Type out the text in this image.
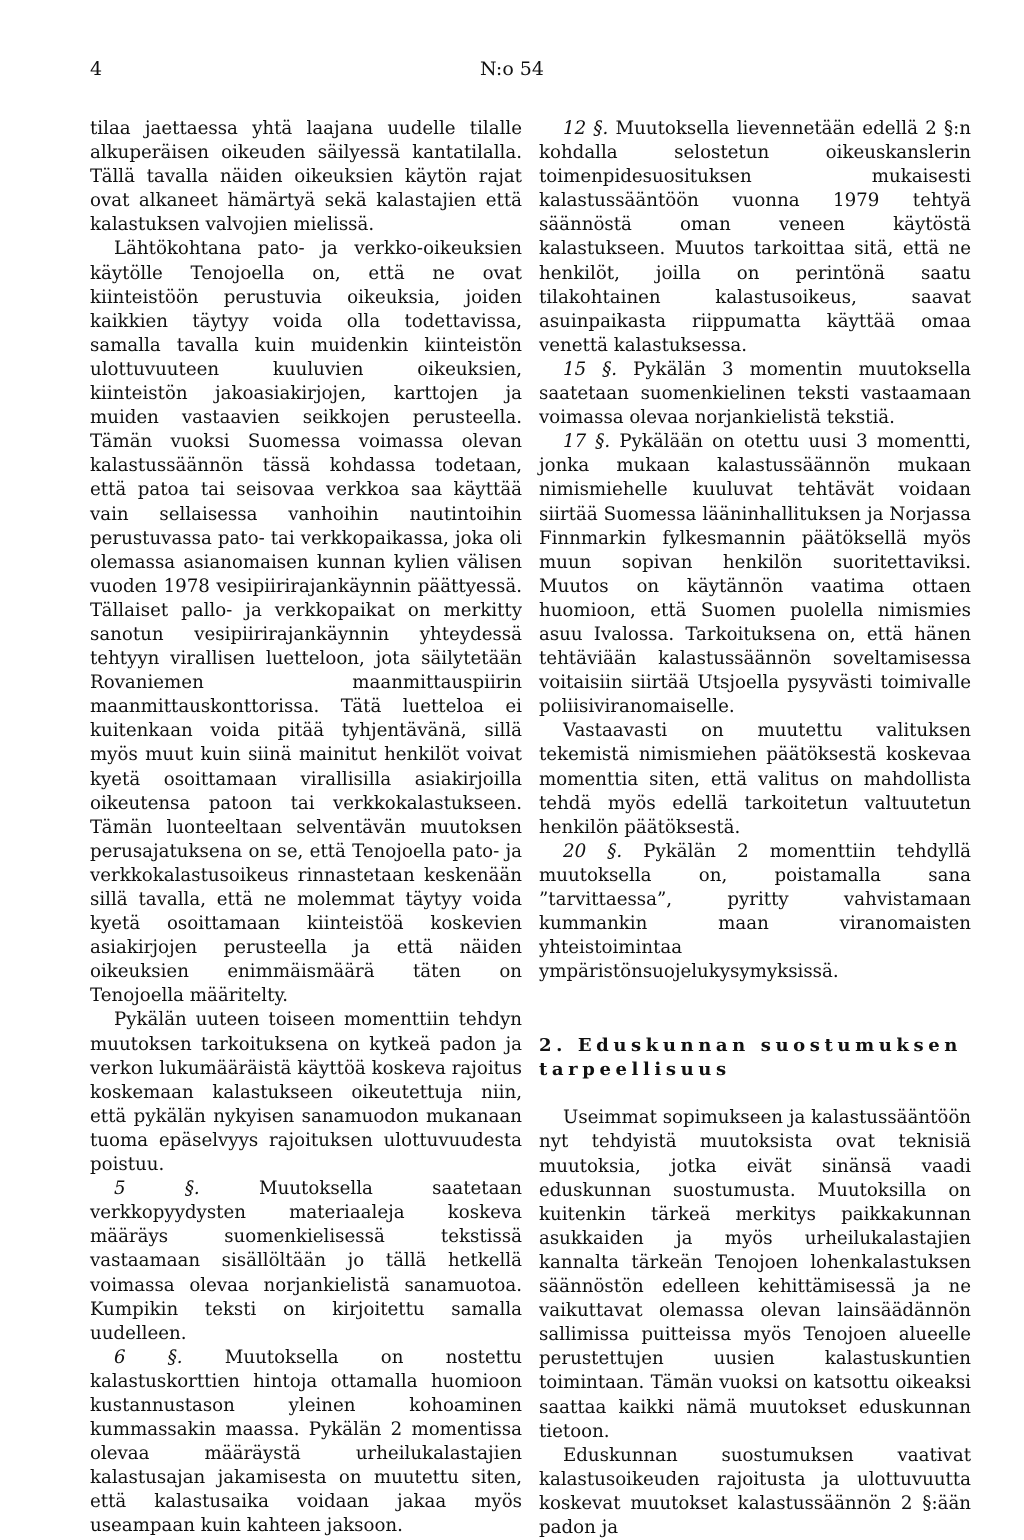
4	N:o 54

tilaa jaettaessa yhtä laajana uudelle tilalle alkuperäisen oikeuden säilyessä kantatilalla. Tällä tavalla näiden oikeuksien käytön rajat ovat alkaneet hämärtyä sekä kalastajien että kalastuksen valvojien mielissä.

Lähtökohtana pato- ja verkko-oikeuksien käytölle Tenojoella on, että ne ovat kiinteistöön perustuvia oikeuksia, joiden kaikkien täytyy voida olla todettavissa, samalla tavalla kuin muidenkin kiinteistön ulottuvuuteen kuuluvien oikeuksien, kiinteistön jakoasiakirjojen, karttojen ja muiden vastaavien seikkojen perusteella. Tämän vuoksi Suomessa voimassa olevan kalastussäännön tässä kohdassa todetaan, että patoa tai seisovaa verkkoa saa käyttää vain sellaisessa vanhoihin nautintoihin perustuvassa pato- tai verkkopaikassa, joka oli olemassa asianomaisen kunnan kylien välisen vuoden 1978 vesipiirirajankäynnin päättyessä. Tällaiset pallo- ja verkkopaikat on merkitty sanotun vesipiirirajankäynnin yhteydessä tehtyyn virallisen luetteloon, jota säilytetään Rovaniemen maanmittauspiirin maanmittauskonttorissa. Tätä luetteloa ei kuitenkaan voida pitää tyhjentävänä, sillä myös muut kuin siinä mainitut henkilöt voivat kyetä osoittamaan virallisilla asiakirjoilla oikeutensa patoon tai verkkokalastukseen. Tämän luonteeltaan selventävän muutoksen perusajatuksena on se, että Tenojoella pato- ja verkkokalastusoikeus rinnastetaan keskenään sillä tavalla, että ne molemmat täytyy voida kyetä osoittamaan kiinteistöä koskevien asiakirjojen perusteella ja että näiden oikeuksien enimmäismäärä täten on Tenojoella määritelty.

Pykälän uuteen toiseen momenttiin tehdyn muutoksen tarkoituksena on kytkeä padon ja verkon lukumääräistä käyttöä koskeva rajoitus koskemaan kalastukseen oikeutettuja niin, että pykälän nykyisen sanamuodon mukanaan tuoma epäselvyys rajoituksen ulottuvuudesta poistuu.

5 §.	Muutoksella saatetaan verkkopyydysten materiaaleja koskeva määräys suomenkielisessä tekstissä vastaamaan sisällöltään jo tällä hetkellä voimassa olevaa norjankielistä sanamuotoa. Kumpikin teksti on kirjoitettu samalla uudelleen.

6 §. Muutoksella on nostettu kalastuskorttien hintoja ottamalla huomioon kustannustason yleinen kohoaminen kummassakin maassa. Pykälän 2 momentissa olevaa määräystä urheilukalastajien kalastusajan jakamisesta on muutettu siten, että kalastusaika voidaan jakaa myös useampaan kuin kahteen jaksoon.

12 §. Muutoksella lievennetään edellä 2 §:n kohdalla selostetun oikeuskanslerin toimenpidesuosituksen mukaisesti kalastussääntöön vuonna 1979 tehtyä säännöstä oman veneen käytöstä kalastukseen. Muutos tarkoittaa sitä, että ne henkilöt, joilla on perintönä saatu tilakohtainen kalastusoikeus, saavat asuinpaikasta riippumatta käyttää omaa venettä kalastuksessa.

15 §. Pykälän 3 momentin muutoksella saatetaan suomenkielinen teksti vastaamaan voimassa olevaa norjankielistä tekstiä.

17 §. Pykälään on otettu uusi 3 momentti, jonka mukaan kalastussäännön mukaan nimismiehelle kuuluvat tehtävät voidaan siirtää Suomessa lääninhallituksen ja Norjassa Finnmarkin fylkesmannin päätöksellä myös muun sopivan henkilön suoritettaviksi. Muutos on käytännön vaatima ottaen huomioon, että Suomen puolella nimismies asuu Ivalossa. Tarkoituksena on, että hänen tehtäviään kalastussäännön soveltamisessa voitaisiin siirtää Utsjoella pysyvästi toimivalle poliisiviranomaiselle.

Vastaavasti on muutettu valituksen tekemistä nimismiehen päätöksestä koskevaa momenttia siten, että valitus on mahdollista tehdä myös edellä tarkoitetun valtuutetun henkilön päätöksestä.

20 §. Pykälän 2 momenttiin tehdyllä muutoksella on, poistamalla sana ”tarvittaessa”, pyritty vahvistamaan kummankin maan viranomaisten yhteistoimintaa ympäristönsuojelukysymyksissä.

2. Eduskunnan suostumuksen tarpeellisuus

Useimmat sopimukseen ja kalastussääntöön nyt tehdyistä muutoksista ovat teknisiä muutoksia, jotka eivät sinänsä vaadi eduskunnan suostumusta. Muutoksilla on kuitenkin tärkeä merkitys paikkakunnan asukkaiden ja myös urheilukalastajien kannalta tärkeän Tenojoen lohenkalastuksen säännöstön edelleen kehittämisessä ja ne vaikuttavat olemassa olevan lainsäädännön sallimissa puitteissa myös Tenojoen alueelle perustettujen uusien kalastuskuntien toimintaan. Tämän vuoksi on katsottu oikeaksi saattaa kaikki nämä muutokset eduskunnan tietoon.

Eduskunnan suostumuksen vaativat kalastusoikeuden rajoitusta ja ulottuvuutta koskevat muutokset kalastussäännön 2 §:ään padon ja
